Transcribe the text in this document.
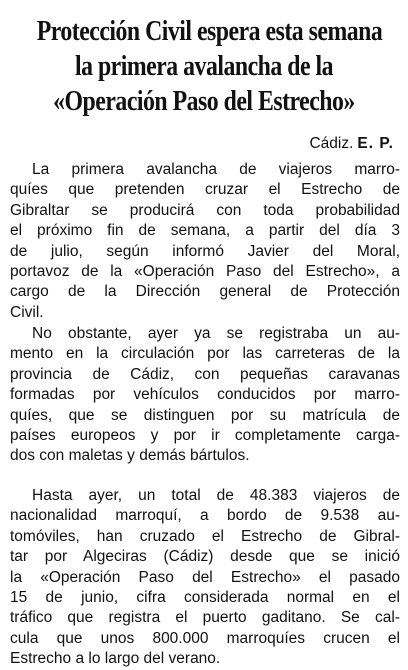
Protección Civil espera esta semana
la primera avalancha de la
«Operación Paso del Estrecho»
Cádiz. E. P.
La primera avalancha de viajeros marro-
quíes que pretenden cruzar el Estrecho de
Gibraltar se producirá con toda probabilidad
el próximo fin de semana, a partir del día 3
de julio, según informó Javier del Moral,
portavoz de la «Operación Paso del Estrecho», a
cargo de la Dirección general de Protección
Civil.
No obstante, ayer ya se registraba un au-
mento en la circulación por las carreteras de la
provincia de Cádiz, con pequeñas caravanas
formadas por vehículos conducidos por marro-
quíes, que se distinguen por su matrícula de
países europeos y por ir completamente carga-
dos con maletas y demás bártulos.
Hasta ayer, un total de 48.383 viajeros de
nacionalidad marroquí, a bordo de 9.538 au-
tomóviles, han cruzado el Estrecho de Gibral-
tar por Algeciras (Cádiz) desde que se inició
la «Operación Paso del Estrecho» el pasado
15 de junio, cifra considerada normal en el
tráfico que registra el puerto gaditano. Se cal-
cula que unos 800.000 marroquíes crucen el
Estrecho a lo largo del verano.
